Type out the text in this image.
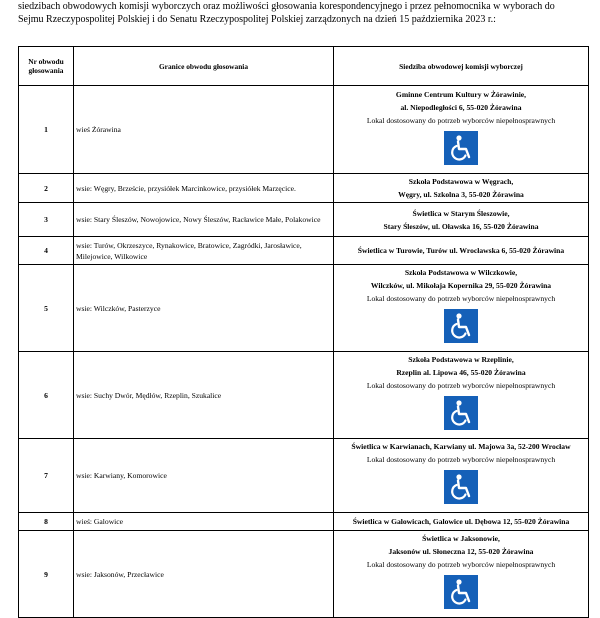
siedzibach obwodowych komisji wyborczych oraz możliwości głosowania korespondencyjnego i przez pełnomocnika w wyborach do

Sejmu Rzeczypospolitej Polskiej i do Senatu Rzeczypospolitej Polskiej zarządzonych na dzień 15 października 2023 r.:

Nr obwodu głosowania	Granice obwodu głosowania	Siedziba obwodowej komisji wyborczej
1	wieś Żórawina	Gminne Centrum Kultury w Żórawinie,
al. Niepodległości 6, 55-020 Żórawina
Lokal dostosowany do potrzeb wyborców niepełnosprawnych

2	wsie: Węgry, Brzeście, przysiółek Marcinkowice, przysiółek Marzęcice.	Szkoła Podstawowa w Węgrach,
Węgry, ul. Szkolna 3, 55-020 Żórawina

3	wsie: Stary Śleszów, Nowojowice, Nowy Śleszów, Racławice Małe, Polakowice	Świetlica w Starym Śleszowie,
Stary Śleszów, ul. Oławska 16, 55-020 Żórawina

4	wsie: Turów, Okrzeszyce, Rynakowice, Bratowice, Zagródki, Jarosławice, Milejowice, Wilkowice	Świetlica w Turowie, Turów ul. Wrocławska 6, 55-020 Żórawina

5	wsie: Wilczków, Pasterzyce	Szkoła Podstawowa w Wilczkowie,
Wilczków, ul. Mikołaja Kopernika 29, 55-020 Żórawina
Lokal dostosowany do potrzeb wyborców niepełnosprawnych

6	wsie: Suchy Dwór, Mędłów, Rzeplin, Szukalice	Szkoła Podstawowa w Rzeplinie,
Rzeplin al. Lipowa 46, 55-020 Żórawina
Lokal dostosowany do potrzeb wyborców niepełnosprawnych

7	wsie: Karwiany, Komorowice	Świetlica w Karwianach, Karwiany ul. Majowa 3a, 52-200 Wrocław
Lokal dostosowany do potrzeb wyborców niepełnosprawnych

8	wieś: Galowice	Świetlica w Galowicach, Galowice ul. Dębowa 12, 55-020 Żórawina

9	wsie: Jaksonów, Przecławice	Świetlica w Jaksonowie,
Jaksonów ul. Słoneczna 12, 55-020 Żórawina
Lokal dostosowany do potrzeb wyborców niepełnosprawnych
